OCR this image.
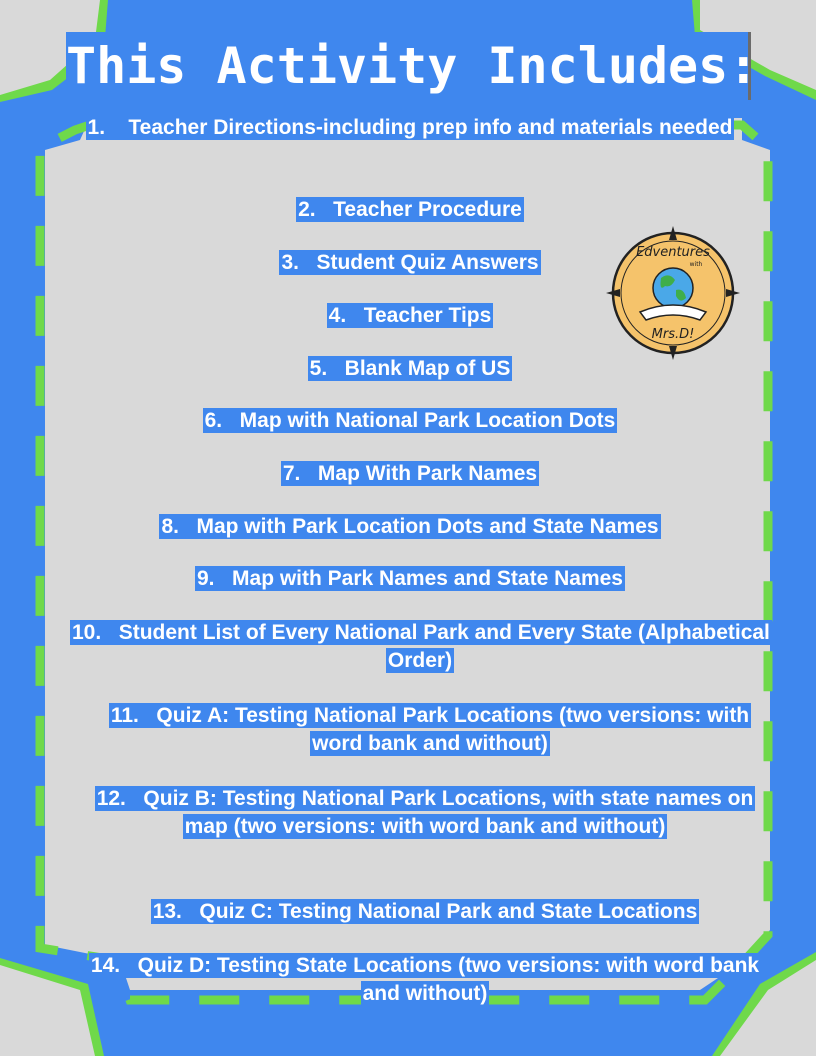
This Activity Includes:
Edventures
with
Mrs.D!
1. Teacher Directions-including prep info and materials needed
2. Teacher Procedure
3. Student Quiz Answers
4. Teacher Tips
5. Blank Map of US
6. Map with National Park Location Dots
7. Map With Park Names
8. Map with Park Location Dots and State Names
9. Map with Park Names and State Names
10. Student List of Every National Park and Every State (Alphabetical Order)
11. Quiz A: Testing National Park Locations (two versions: with word bank and without)
12. Quiz B: Testing National Park Locations, with state names on map (two versions: with word bank and without)
13. Quiz C: Testing National Park and State Locations
14. Quiz D: Testing State Locations (two versions: with word bank and without)
